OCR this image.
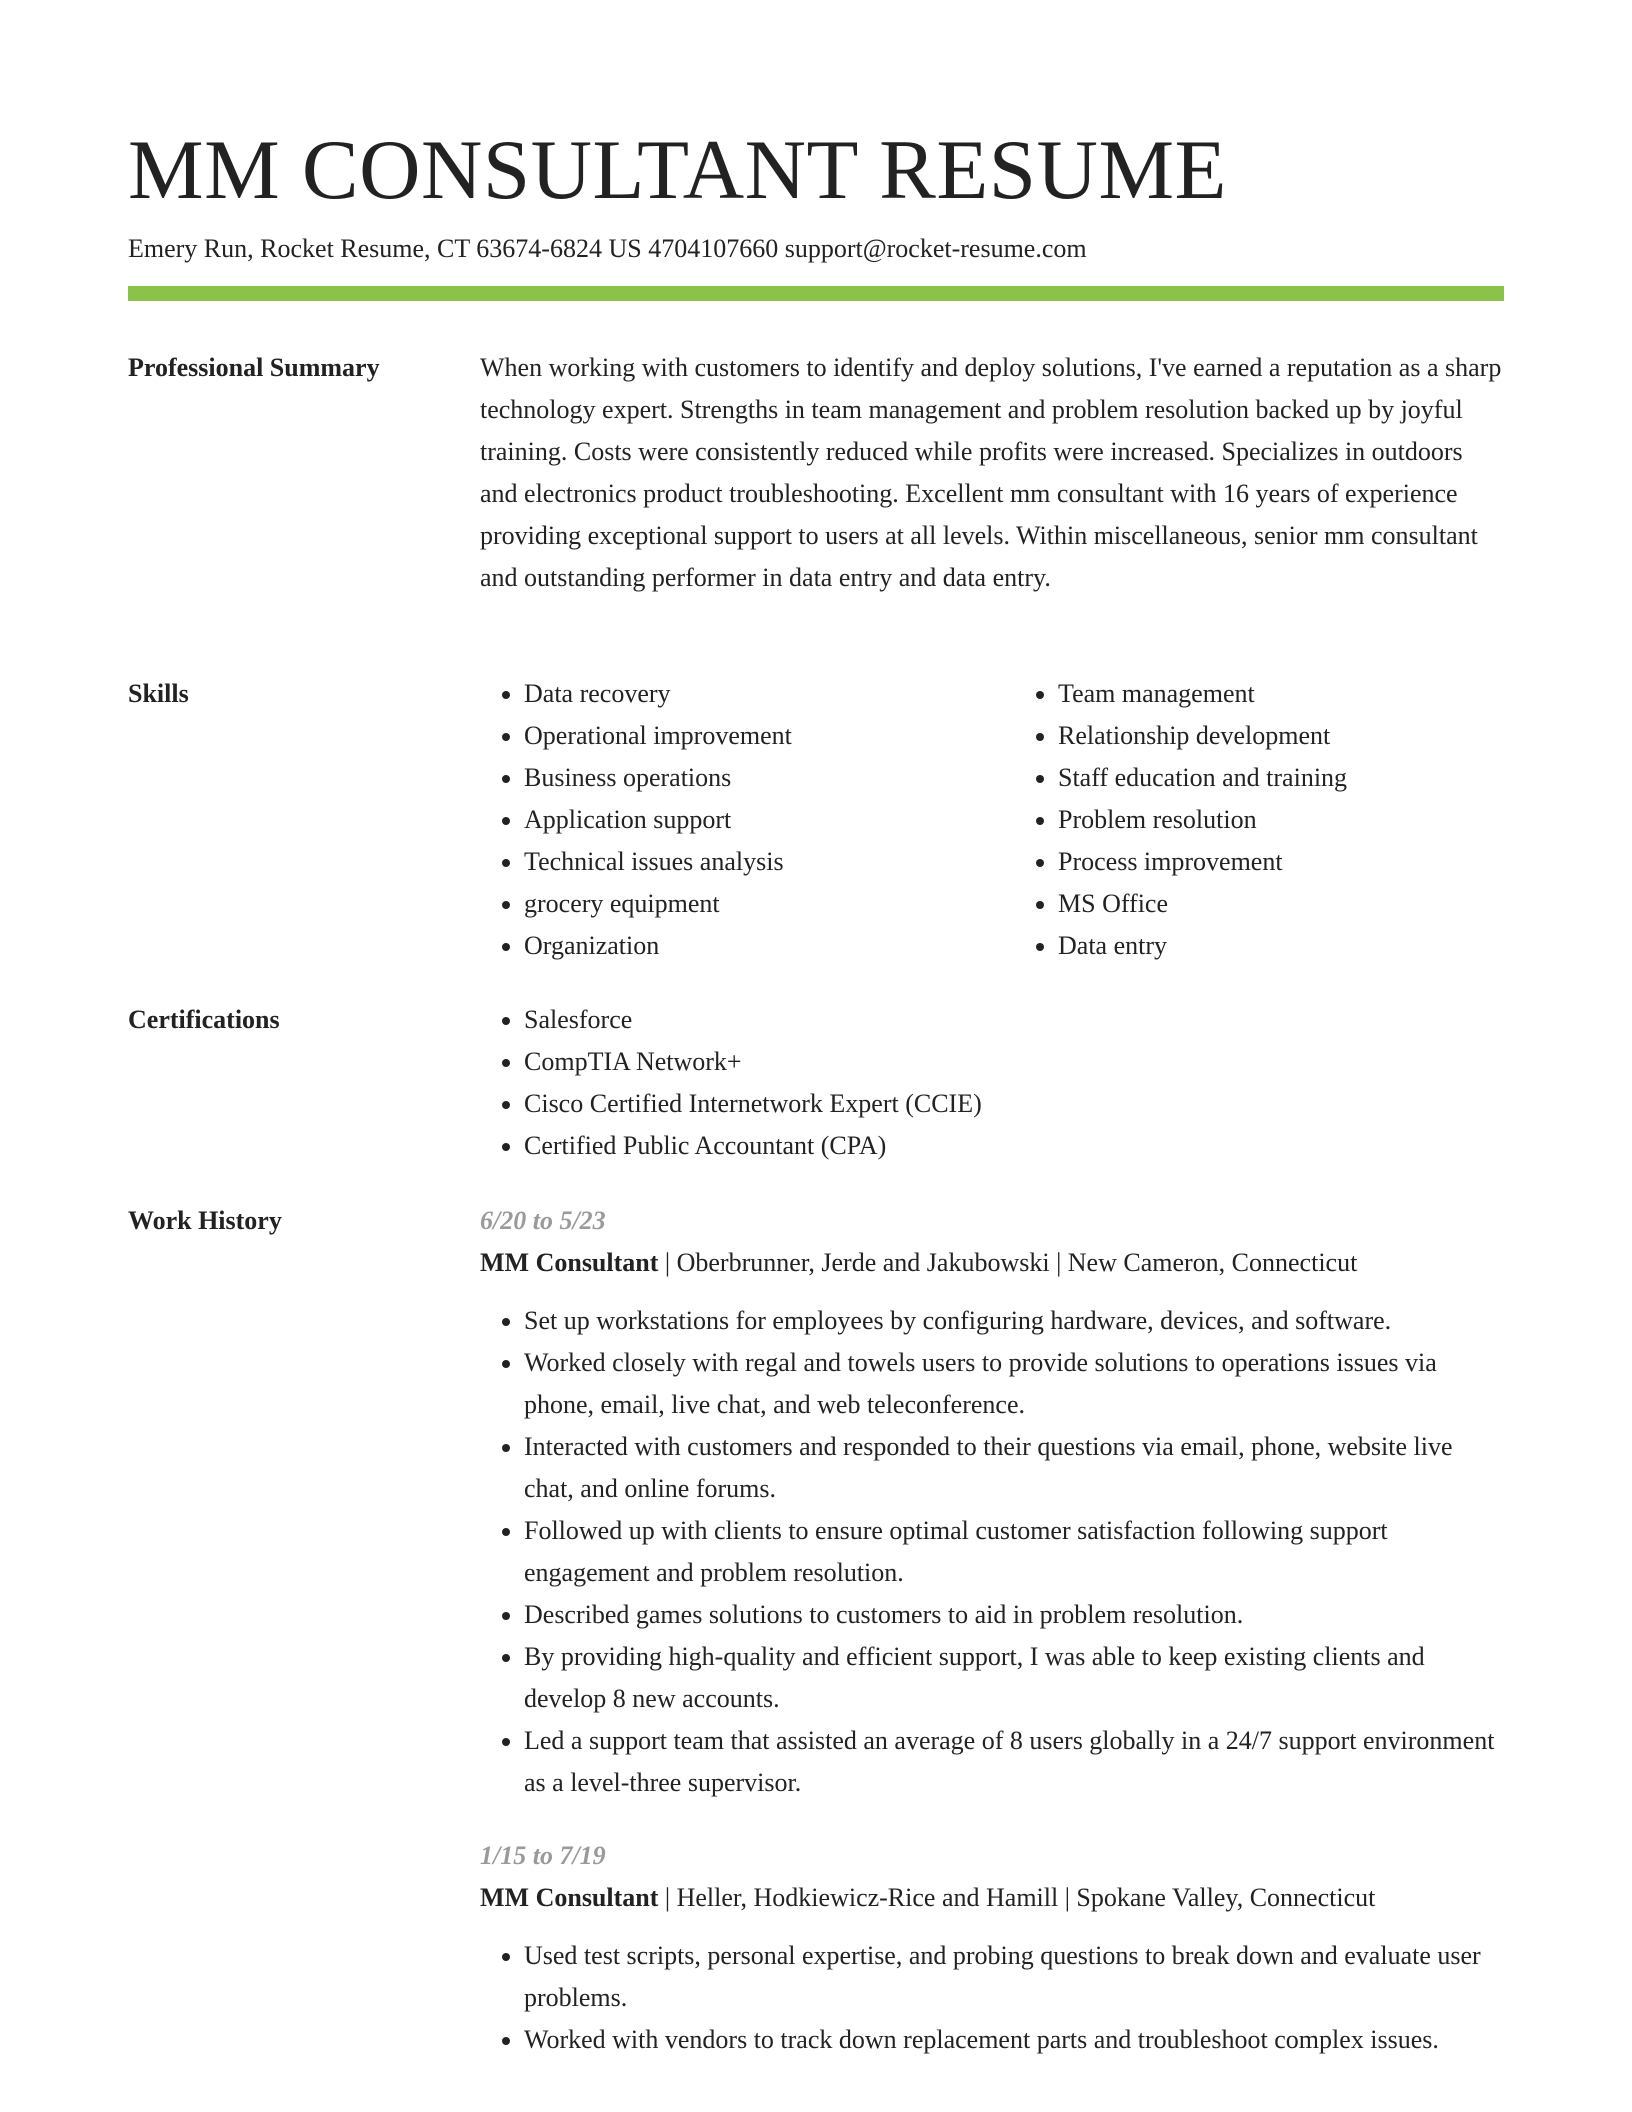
MM CONSULTANT RESUME
Emery Run, Rocket Resume, CT 63674-6824 US 4704107660 support@rocket-resume.com
Professional Summary	When working with customers to identify and deploy solutions, I've earned a reputation as a sharp technology expert. Strengths in team management and problem resolution backed up by joyful training. Costs were consistently reduced while profits were increased. Specializes in outdoors and electronics product troubleshooting. Excellent mm consultant with 16 years of experience providing exceptional support to users at all levels. Within miscellaneous, senior mm consultant and outstanding performer in data entry and data entry.

Skills	• Data recovery
• Operational improvement
• Business operations
• Application support
• Technical issues analysis
• grocery equipment
• Organization
• Team management
• Relationship development
• Staff education and training
• Problem resolution
• Process improvement
• MS Office
• Data entry
Certifications	• Salesforce
• CompTIA Network+
• Cisco Certified Internetwork Expert (CCIE)
• Certified Public Accountant (CPA)
Work History	6/20 to 5/23
MM Consultant | Oberbrunner, Jerde and Jakubowski | New Cameron, Connecticut
• Set up workstations for employees by configuring hardware, devices, and software.
• Worked closely with regal and towels users to provide solutions to operations issues via phone, email, live chat, and web teleconference.
• Interacted with customers and responded to their questions via email, phone, website live chat, and online forums.
• Followed up with clients to ensure optimal customer satisfaction following support engagement and problem resolution.
• Described games solutions to customers to aid in problem resolution.
• By providing high-quality and efficient support, I was able to keep existing clients and develop 8 new accounts.
• Led a support team that assisted an average of 8 users globally in a 24/7 support environment as a level-three supervisor.
1/15 to 7/19
MM Consultant | Heller, Hodkiewicz-Rice and Hamill | Spokane Valley, Connecticut
• Used test scripts, personal expertise, and probing questions to break down and evaluate user problems.
• Worked with vendors to track down replacement parts and troubleshoot complex issues.
